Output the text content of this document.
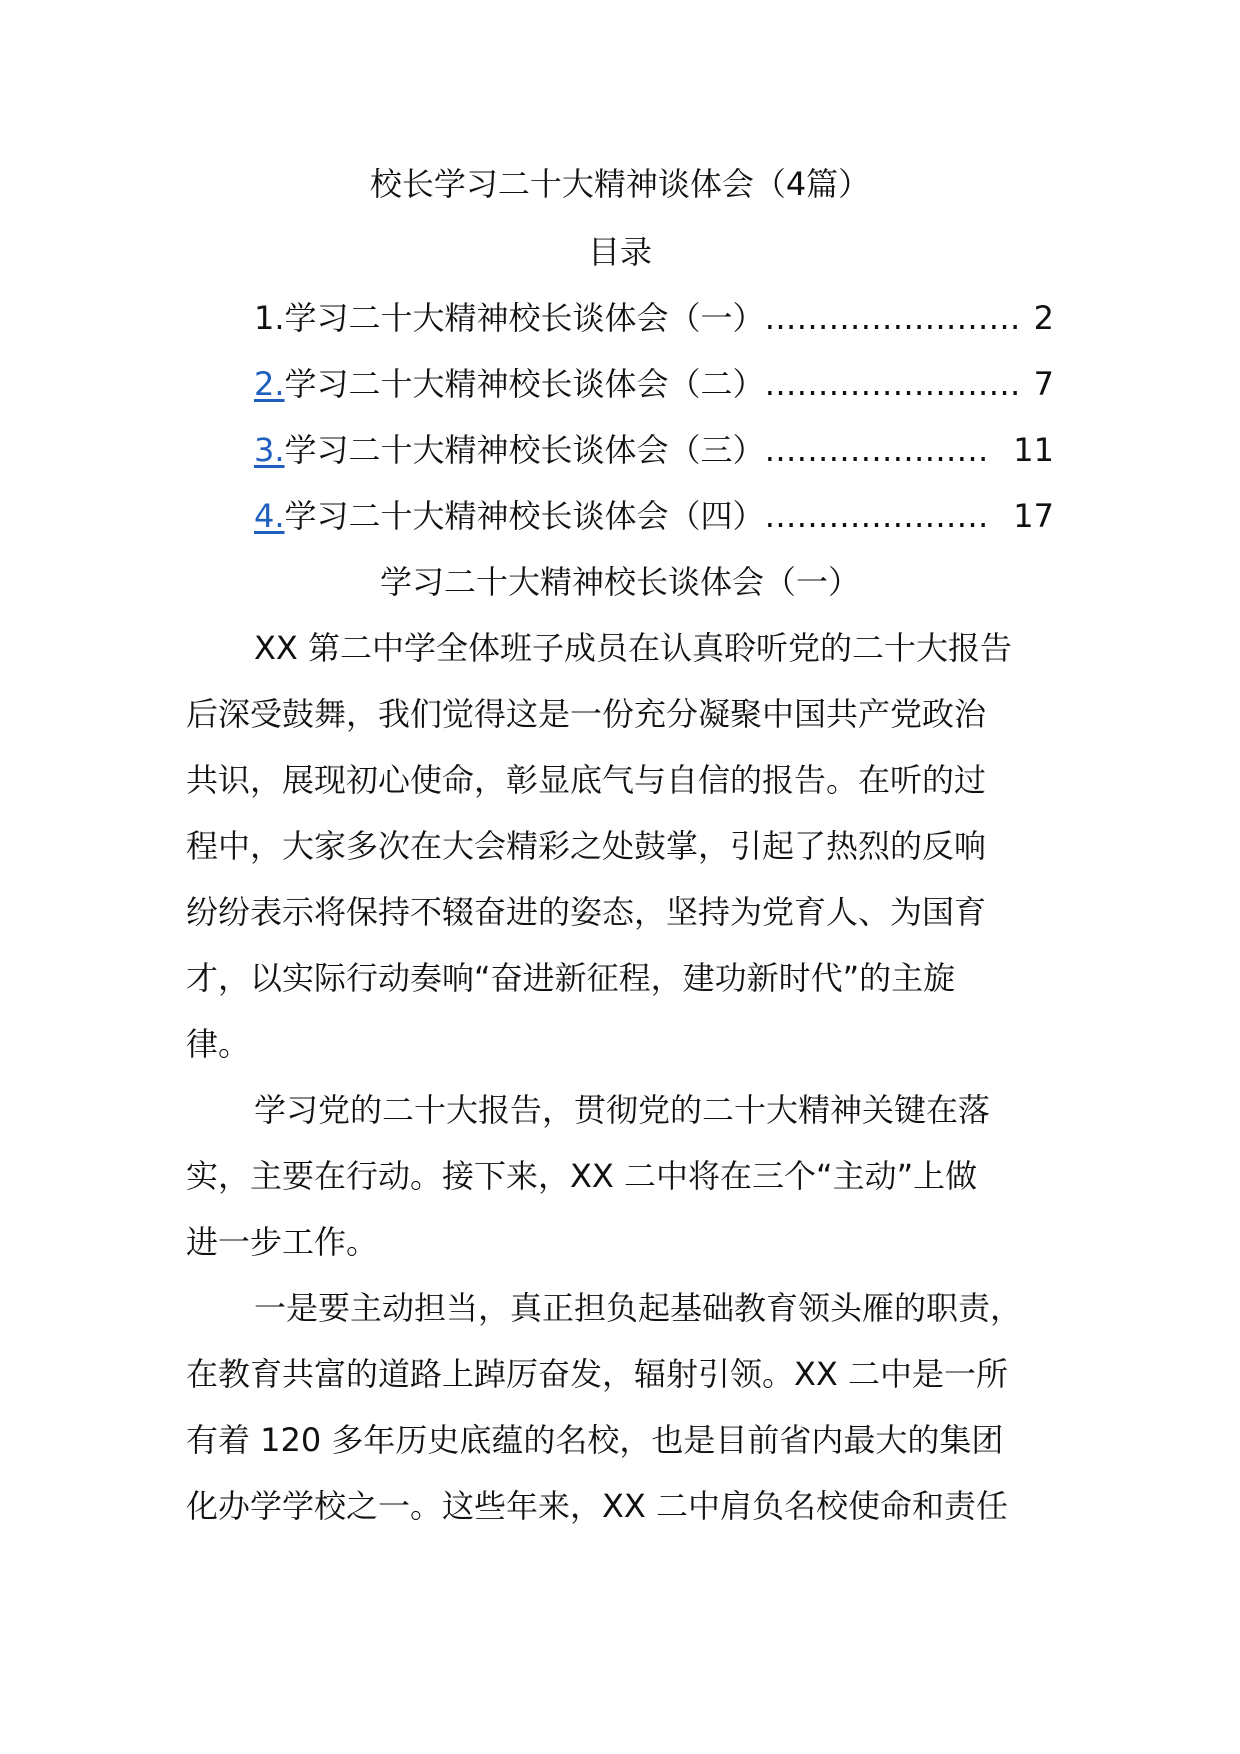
校长学习二十大精神谈体会（4篇）
目录
1.学习二十大精神校长谈体会（一）…………………… 2
2.学习二十大精神校长谈体会（二）…………………… 7
3.学习二十大精神校长谈体会（三）………………… 11
4.学习二十大精神校长谈体会（四）………………… 17
学习二十大精神校长谈体会（一）
XX 第二中学全体班子成员在认真聆听党的二十大报告
后深受鼓舞，我们觉得这是一份充分凝聚中国共产党政治
共识，展现初心使命，彰显底气与自信的报告。在听的过
程中，大家多次在大会精彩之处鼓掌，引起了热烈的反响
纷纷表示将保持不辍奋进的姿态，坚持为党育人、为国育
才，以实际行动奏响“奋进新征程，建功新时代”的主旋
律。
学习党的二十大报告，贯彻党的二十大精神关键在落
实，主要在行动。接下来，XX 二中将在三个“主动”上做
进一步工作。
一是要主动担当，真正担负起基础教育领头雁的职责，
在教育共富的道路上踔厉奋发，辐射引领。XX 二中是一所
有着 120 多年历史底蕴的名校，也是目前省内最大的集团
化办学学校之一。这些年来，XX 二中肩负名校使命和责任
